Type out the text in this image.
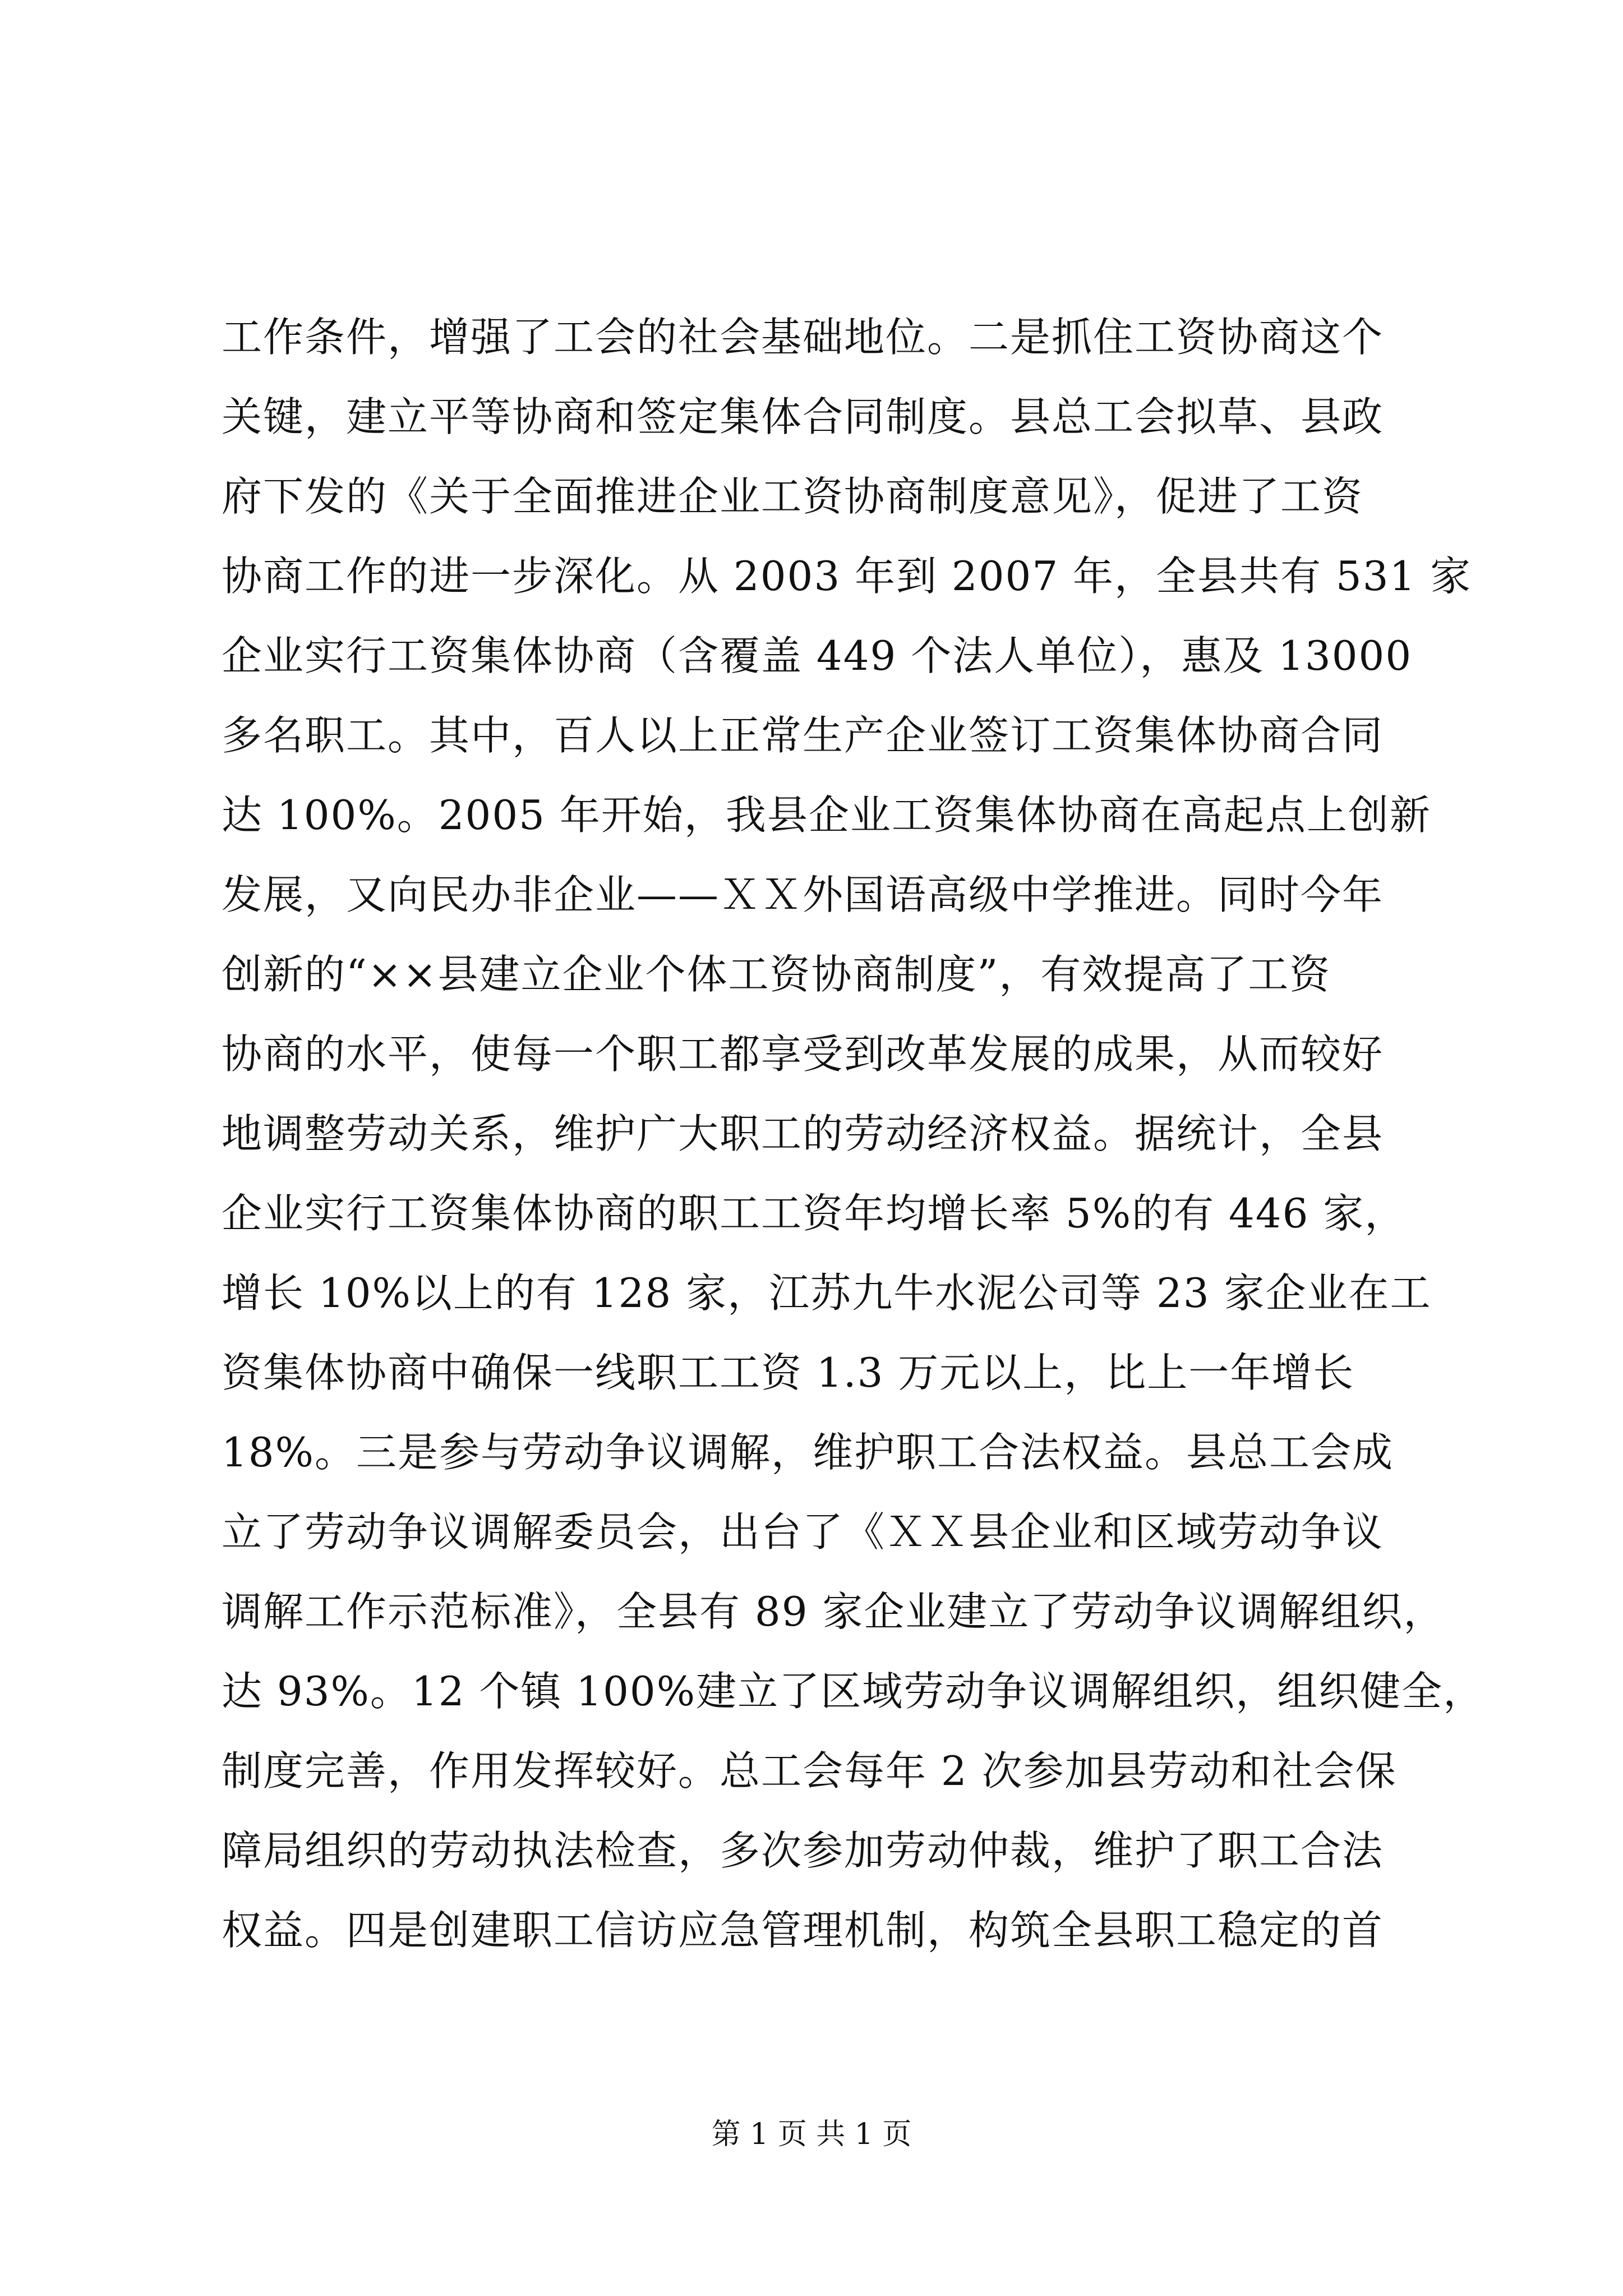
工作条件，增强了工会的社会基础地位。二是抓住工资协商这个
关键，建立平等协商和签定集体合同制度。县总工会拟草、县政
府下发的《关于全面推进企业工资协商制度意见》，促进了工资
协商工作的进一步深化。从 2003 年到 2007 年，全县共有 531 家
企业实行工资集体协商（含覆盖 449 个法人单位），惠及 13000
多名职工。其中，百人以上正常生产企业签订工资集体协商合同
达 100%。2005 年开始，我县企业工资集体协商在高起点上创新
发展，又向民办非企业——ＸＸ外国语高级中学推进。同时今年
创新的“××县建立企业个体工资协商制度”，有效提高了工资
协商的水平，使每一个职工都享受到改革发展的成果，从而较好
地调整劳动关系，维护广大职工的劳动经济权益。据统计，全县
企业实行工资集体协商的职工工资年均增长率 5%的有 446 家，
增长 10%以上的有 128 家，江苏九牛水泥公司等 23 家企业在工
资集体协商中确保一线职工工资 1.3 万元以上，比上一年增长
18%。三是参与劳动争议调解，维护职工合法权益。县总工会成
立了劳动争议调解委员会，出台了《ＸＸ县企业和区域劳动争议
调解工作示范标准》，全县有 89 家企业建立了劳动争议调解组织，
达 93%。12 个镇 100%建立了区域劳动争议调解组织，组织健全，
制度完善，作用发挥较好。总工会每年 2 次参加县劳动和社会保
障局组织的劳动执法检查，多次参加劳动仲裁，维护了职工合法
权益。四是创建职工信访应急管理机制，构筑全县职工稳定的首
第 1 页 共 1 页
